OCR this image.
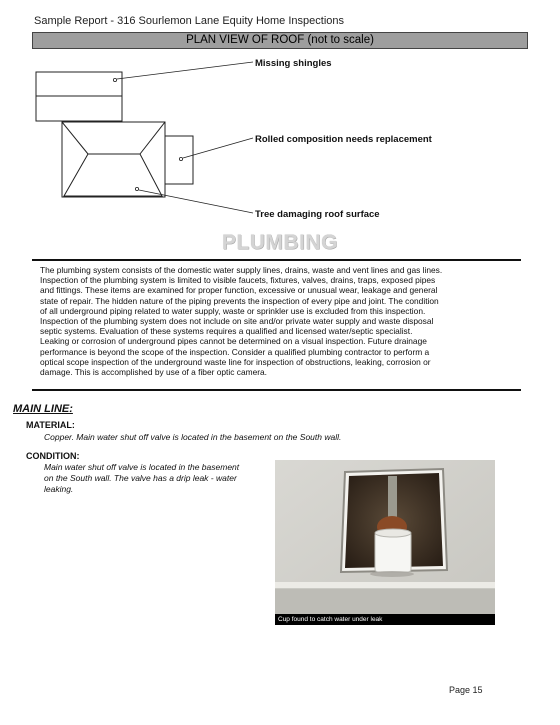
Sample Report - 316 Sourlemon Lane Equity Home Inspections
PLAN VIEW OF ROOF (not to scale)
Missing shingles
Rolled composition needs replacement
Tree damaging roof surface
PLUMBING
The plumbing system consists of the domestic water supply lines, drains, waste and vent lines and gas lines.
Inspection of the plumbing system is limited to visible faucets, fixtures, valves, drains, traps, exposed pipes
and fittings. These items are examined for proper function, excessive or unusual wear, leakage and general
state of repair. The hidden nature of the piping prevents the inspection of every pipe and joint. The condition
of all underground piping related to water supply, waste or sprinkler use is excluded from this inspection.
Inspection of the plumbing system does not include on site and/or private water supply and waste disposal
septic systems. Evaluation of these systems requires a qualified and licensed water/septic specialist.
Leaking or corrosion of underground pipes cannot be determined on a visual inspection. Future drainage
performance is beyond the scope of the inspection. Consider a qualified plumbing contractor to perform a
optical scope inspection of the underground waste line for inspection of obstructions, leaking, corrosion or
damage. This is accomplished by use of a fiber optic camera.
MAIN LINE:
MATERIAL:
Copper. Main water shut off valve is located in the basement on the South wall.
CONDITION:
Main water shut off valve is located in the basement
on the South wall. The valve has a drip leak - water
leaking.
Cup found to catch water under leak
Page 15
